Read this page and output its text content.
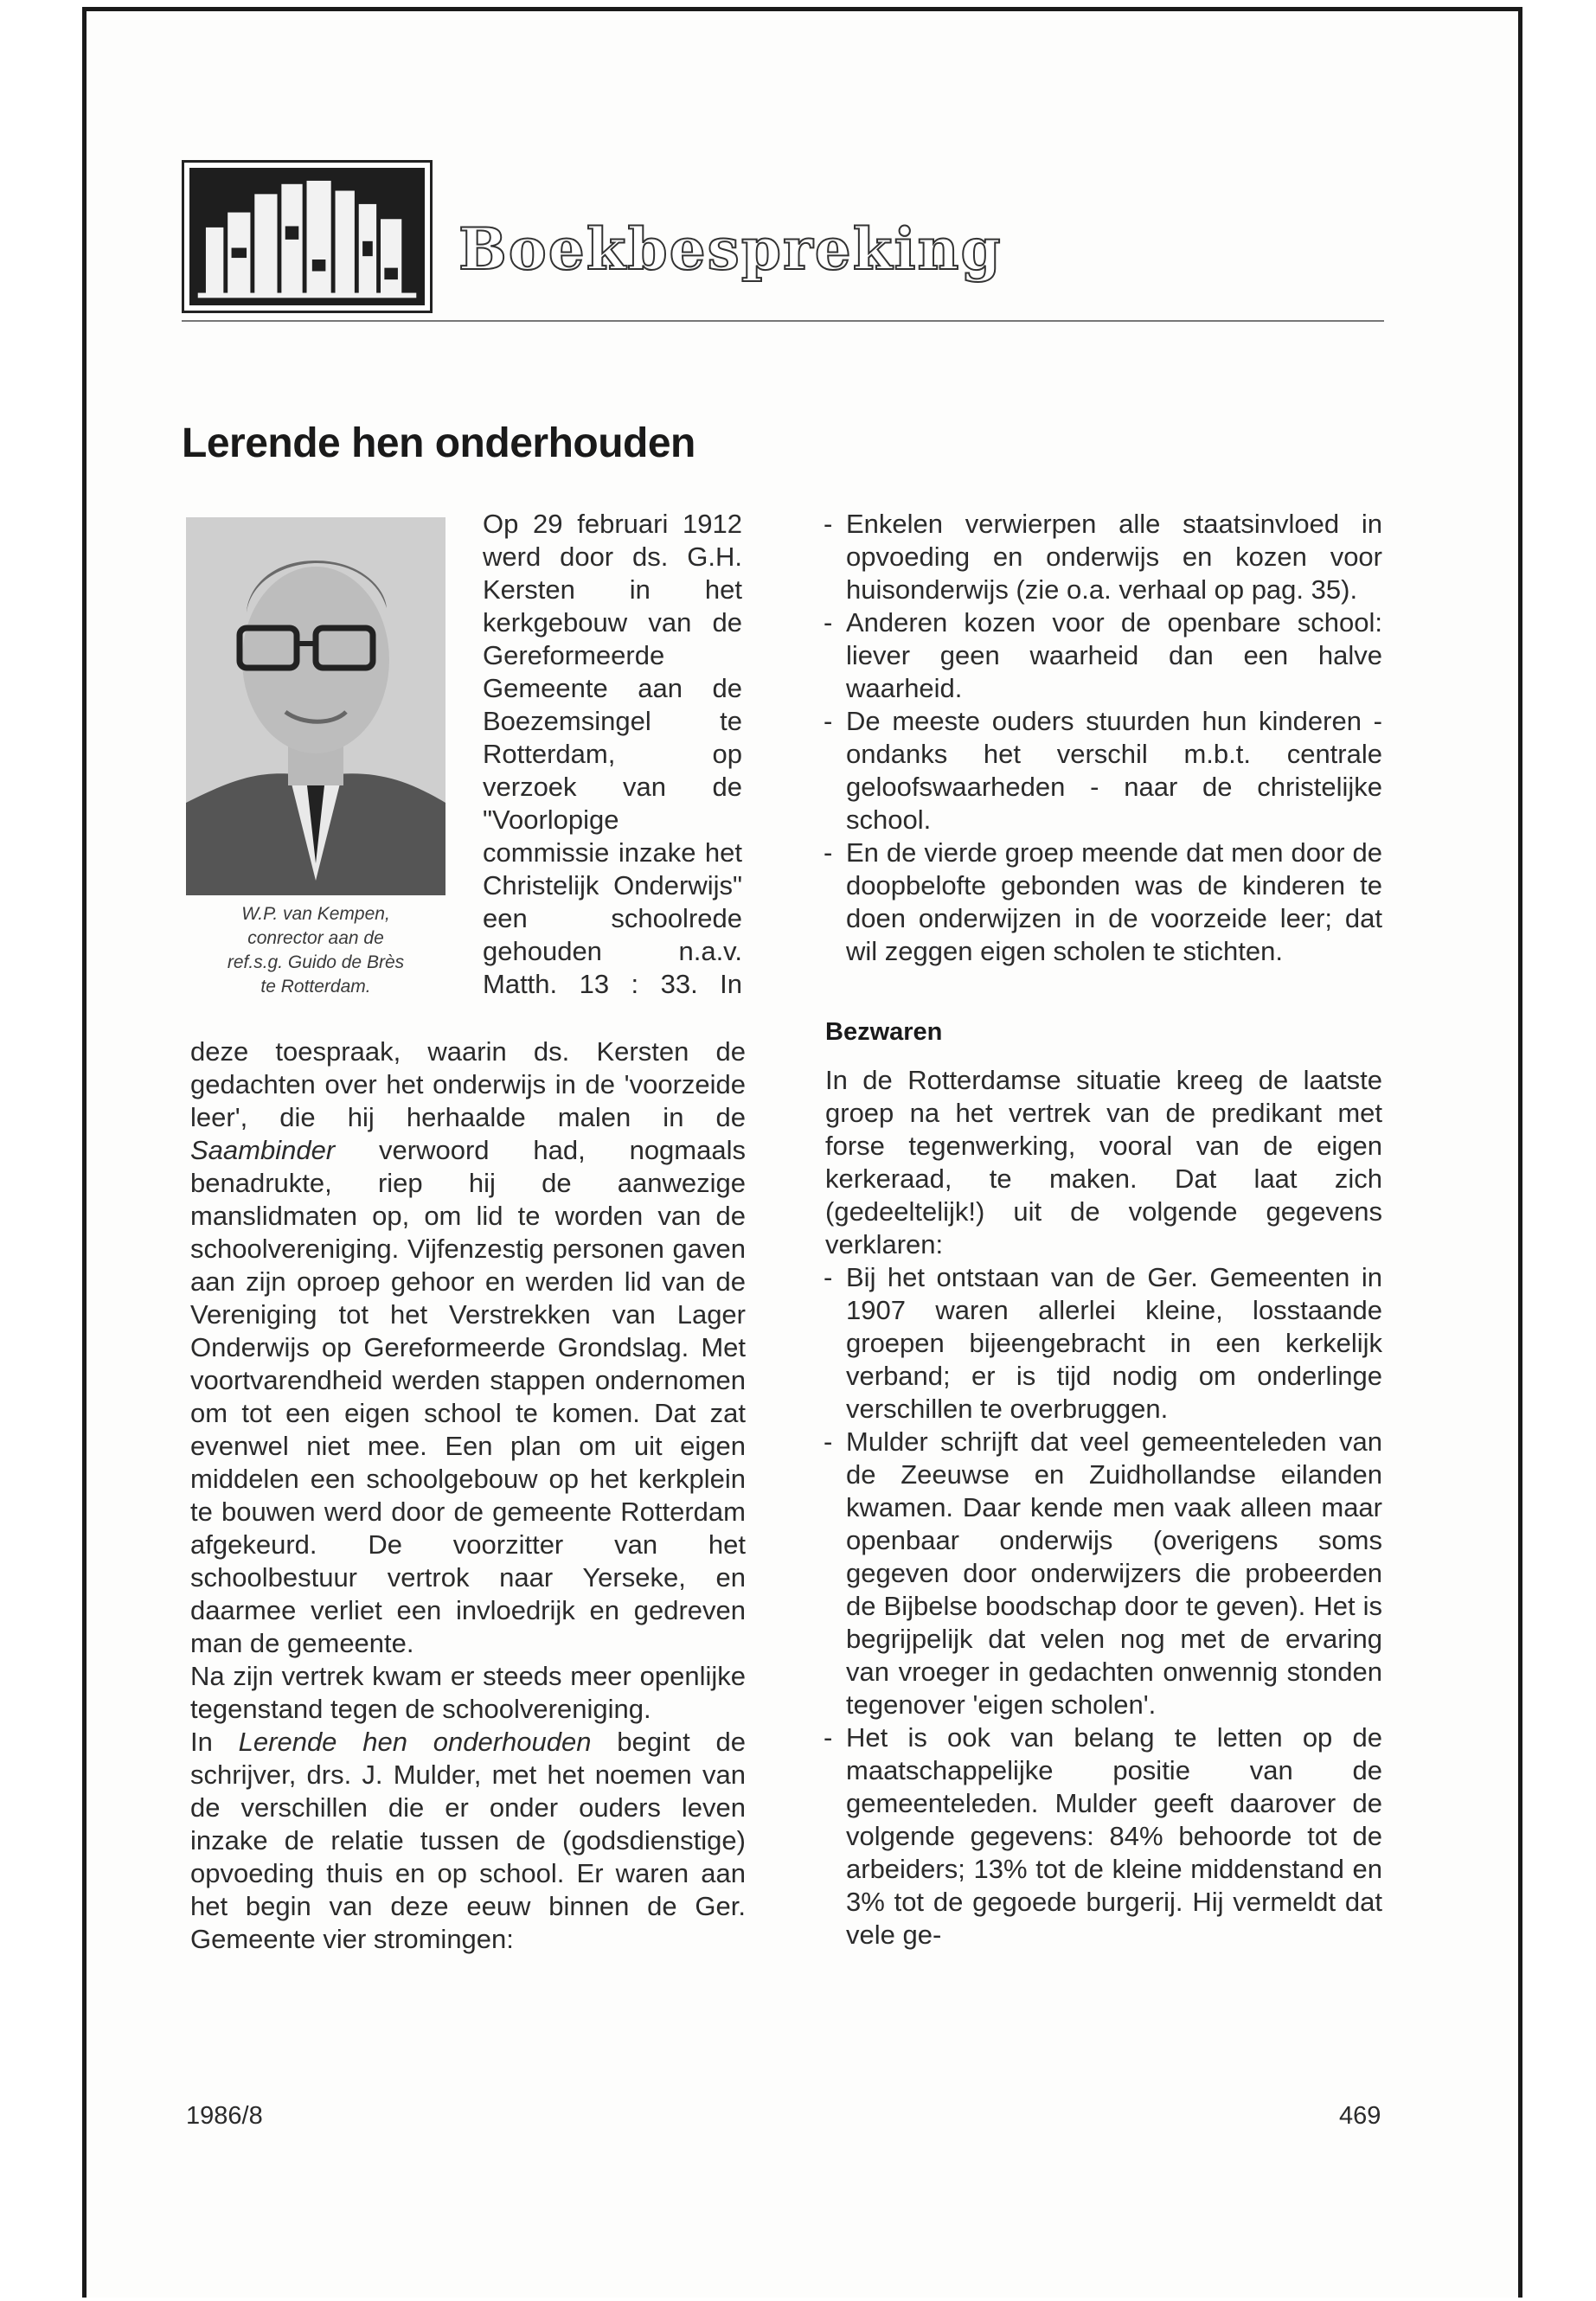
Boekbespreking
Lerende hen onderhouden

W.P. van Kempen,
conrector aan de
ref.s.g. Guido de Brès
te Rotterdam.

Op 29 februari 1912 werd door ds. G.H. Kersten in het kerkgebouw van de Gereformeerde Gemeente aan de Boezemsingel te Rotterdam, op verzoek van de "Voorlopige commissie inzake het Christelijk Onderwijs" een schoolrede gehouden n.a.v. Matth. 13 : 33. In

deze toespraak, waarin ds. Kersten de gedachten over het onderwijs in de 'voorzeide leer', die hij herhaalde malen in de Saambinder verwoord had, nogmaals benadrukte, riep hij de aanwezige manslidmaten op, om lid te worden van de schoolvereniging. Vijfenzestig personen gaven aan zijn oproep gehoor en werden lid van de Vereniging tot het Verstrekken van Lager Onderwijs op Gereformeerde Grondslag. Met voortvarendheid werden stappen ondernomen om tot een eigen school te komen. Dat zat evenwel niet mee. Een plan om uit eigen middelen een schoolgebouw op het kerkplein te bouwen werd door de gemeente Rotterdam afgekeurd. De voorzitter van het schoolbestuur vertrok naar Yerseke, en daarmee verliet een invloedrijk en gedreven man de gemeente.

Na zijn vertrek kwam er steeds meer openlijke tegenstand tegen de schoolvereniging.

In Lerende hen onderhouden begint de schrijver, drs. J. Mulder, met het noemen van de verschillen die er onder ouders leven inzake de relatie tussen de (godsdienstige) opvoeding thuis en op school. Er waren aan het begin van deze eeuw binnen de Ger. Gemeente vier stromingen:

- Enkelen verwierpen alle staatsinvloed in opvoeding en onderwijs en kozen voor huisonderwijs (zie o.a. verhaal op pag. 35).
- Anderen kozen voor de openbare school: liever geen waarheid dan een halve waarheid.
- De meeste ouders stuurden hun kinderen - ondanks het verschil m.b.t. centrale geloofswaarheden - naar de christelijke school.
- En de vierde groep meende dat men door de doopbelofte gebonden was de kinderen te doen onderwijzen in de voorzeide leer; dat wil zeggen eigen scholen te stichten.
Bezwaren

In de Rotterdamse situatie kreeg de laatste groep na het vertrek van de predikant met forse tegenwerking, vooral van de eigen kerkeraad, te maken. Dat laat zich (gedeeltelijk!) uit de volgende gegevens verklaren:

- Bij het ontstaan van de Ger. Gemeenten in 1907 waren allerlei kleine, losstaande groepen bijeengebracht in een kerkelijk verband; er is tijd nodig om onderlinge verschillen te overbruggen.
- Mulder schrijft dat veel gemeenteleden van de Zeeuwse en Zuidhollandse eilanden kwamen. Daar kende men vaak alleen maar openbaar onderwijs (overigens soms gegeven door onderwijzers die probeerden de Bijbelse boodschap door te geven). Het is begrijpelijk dat velen nog met de ervaring van vroeger in gedachten onwennig stonden tegenover 'eigen scholen'.
- Het is ook van belang te letten op de maatschappelijke positie van de gemeenteleden. Mulder geeft daarover de volgende gegevens: 84% behoorde tot de arbeiders; 13% tot de kleine middenstand en 3% tot de gegoede burgerij. Hij vermeldt dat vele ge-
1986/8	469
